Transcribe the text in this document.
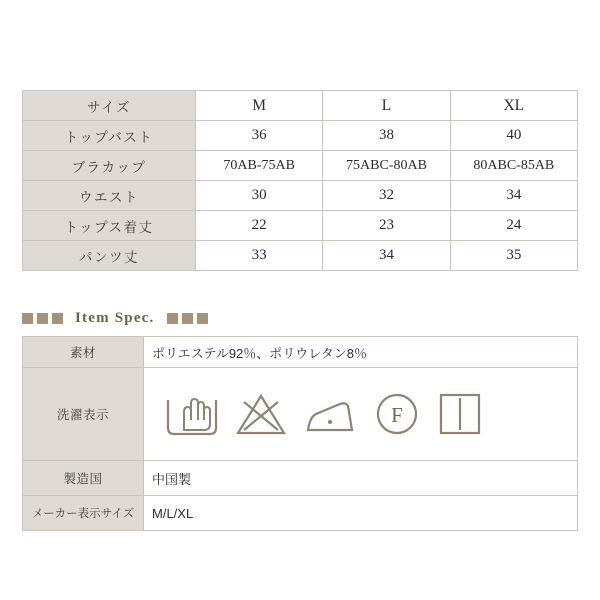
サイズ	M	L	XL
トップバスト	36	38	40
ブラカップ	70AB-75AB	75ABC-80AB	80ABC-85AB
ウエスト	30	32	34
トップス着丈	22	23	24
パンツ丈	33	34	35
Item Spec.
素材	ポリエステル92％、ポリウレタン8％
洗濯表示	F

製造国	中国製
メーカー表示サイズ	M/L/XL
